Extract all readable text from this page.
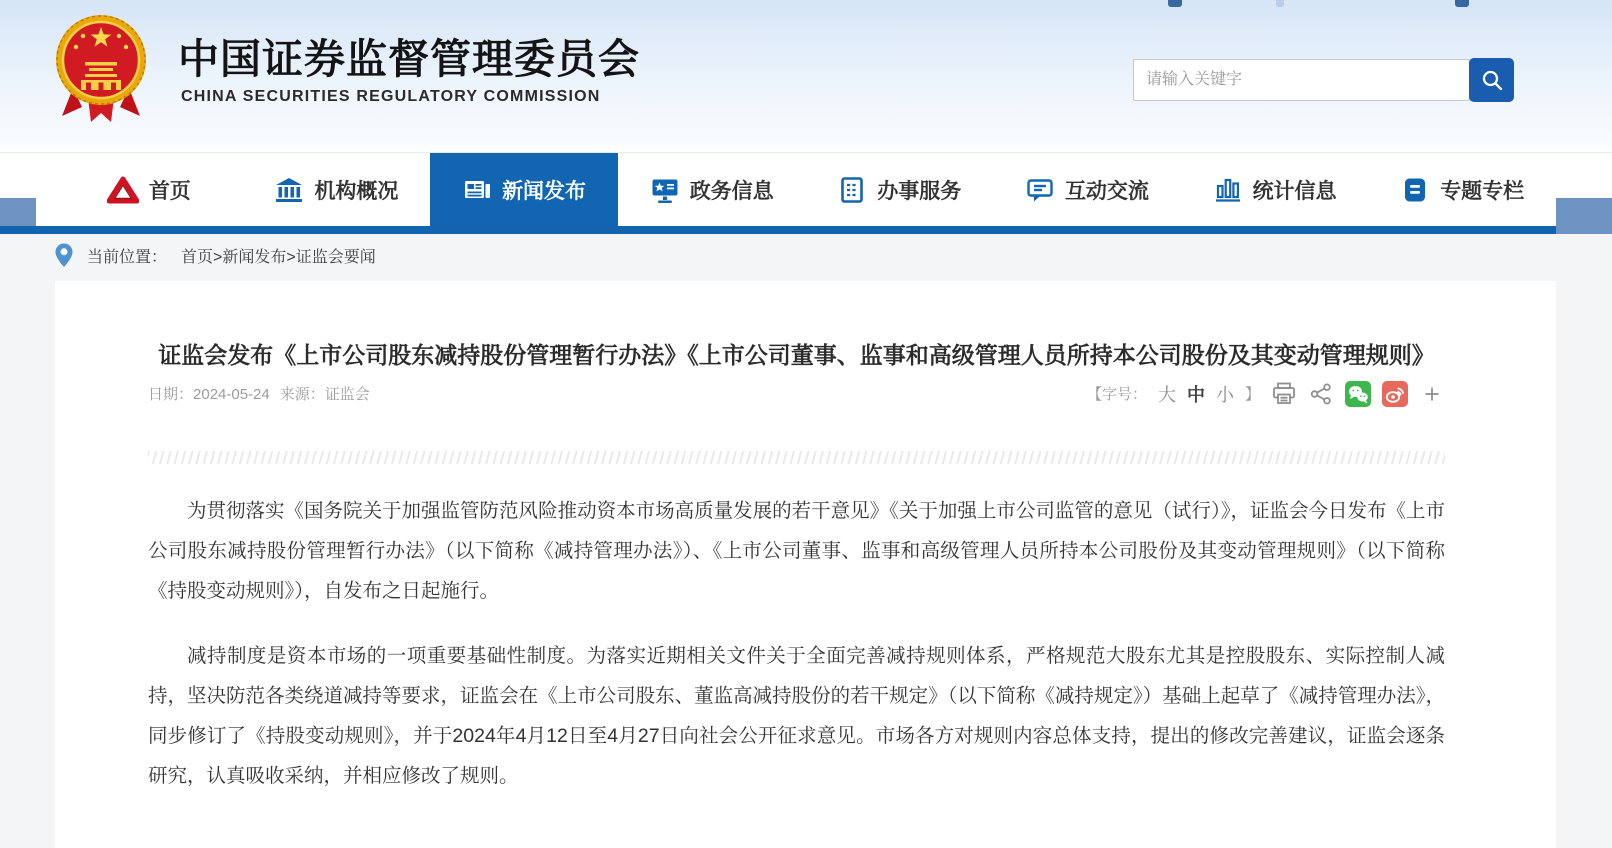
中国证券监督管理委员会
CHINA SECURITIES REGULATORY COMMISSION
请输入关键字
首页	机构概况	新闻发布	政务信息	办事服务	互动交流	统计信息	专题专栏
当前位置： 首页>新闻发布>证监会要闻
证监会发布《上市公司股东减持股份管理暂行办法》《上市公司董事、监事和高级管理人员所持本公司股份及其变动管理规则》
日期：2024-05-24 来源：证监会	【字号： 大 中 小 】

为贯彻落实《国务院关于加强监管防范风险推动资本市场高质量发展的若干意见》《关于加强上市公司监管的意见（试行）》，证监会今日发布《上市公司股东减持股份管理暂行办法》（以下简称《减持管理办法》）、《上市公司董事、监事和高级管理人员所持本公司股份及其变动管理规则》（以下简称《持股变动规则》），自发布之日起施行。

减持制度是资本市场的一项重要基础性制度。为落实近期相关文件关于全面完善减持规则体系，严格规范大股东尤其是控股股东、实际控制人减持，坚决防范各类绕道减持等要求，证监会在《上市公司股东、董监高减持股份的若干规定》（以下简称《减持规定》）基础上起草了《减持管理办法》，同步修订了《持股变动规则》，并于2024年4月12日至4月27日向社会公开征求意见。市场各方对规则内容总体支持，提出的修改完善建议，证监会逐条研究，认真吸收采纳，并相应修改了规则。
